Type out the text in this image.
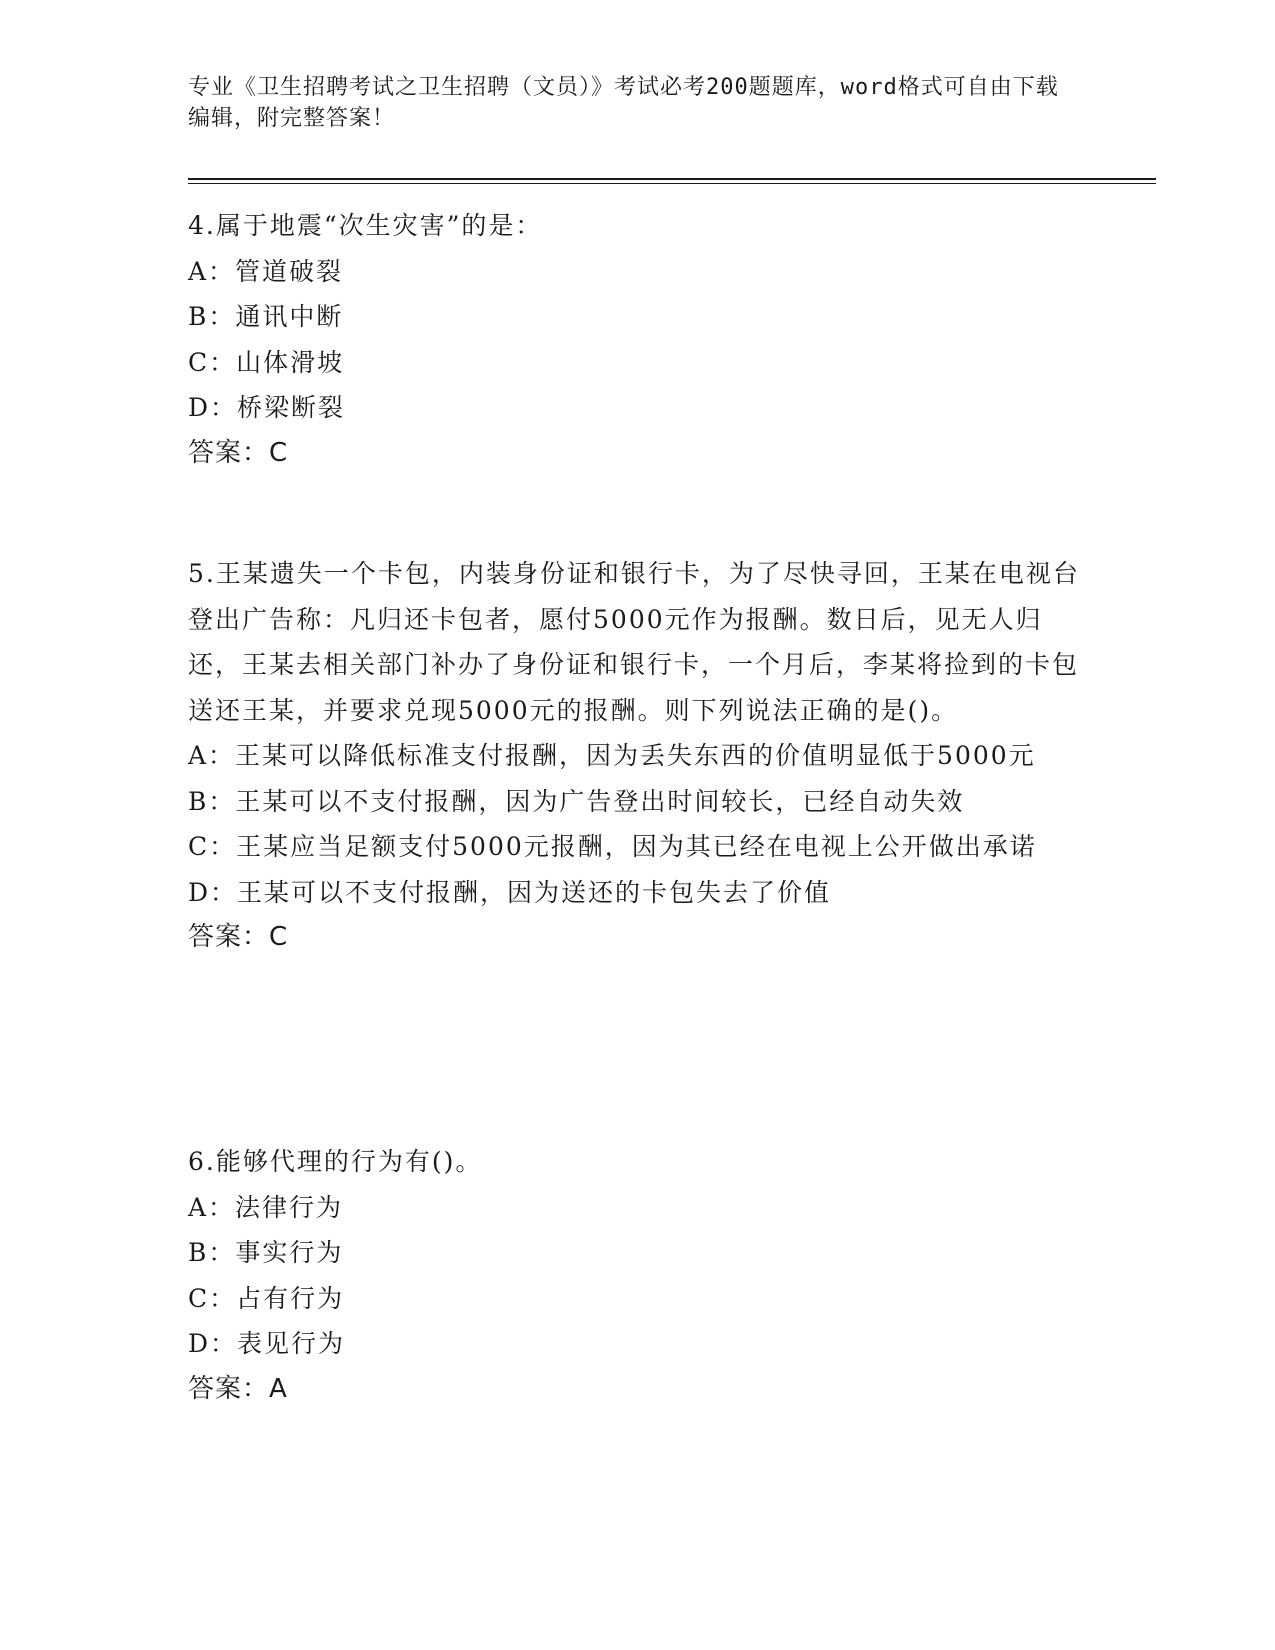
专业《卫生招聘考试之卫生招聘（文员）》考试必考200题题库，word格式可自由下载编辑，附完整答案！
4.属于地震“次生灾害”的是：
A：管道破裂
B：通讯中断
C：山体滑坡
D：桥梁断裂
答案：C
5.王某遗失一个卡包，内装身份证和银行卡，为了尽快寻回，王某在电视台登出广告称：凡归还卡包者，愿付5000元作为报酬。数日后，见无人归还，王某去相关部门补办了身份证和银行卡，一个月后，李某将捡到的卡包送还王某，并要求兑现5000元的报酬。则下列说法正确的是()。
A：王某可以降低标准支付报酬，因为丢失东西的价值明显低于5000元
B：王某可以不支付报酬，因为广告登出时间较长，已经自动失效
C：王某应当足额支付5000元报酬，因为其已经在电视上公开做出承诺
D：王某可以不支付报酬，因为送还的卡包失去了价值
答案：C
6.能够代理的行为有()。
A：法律行为
B：事实行为
C：占有行为
D：表见行为
答案：A
